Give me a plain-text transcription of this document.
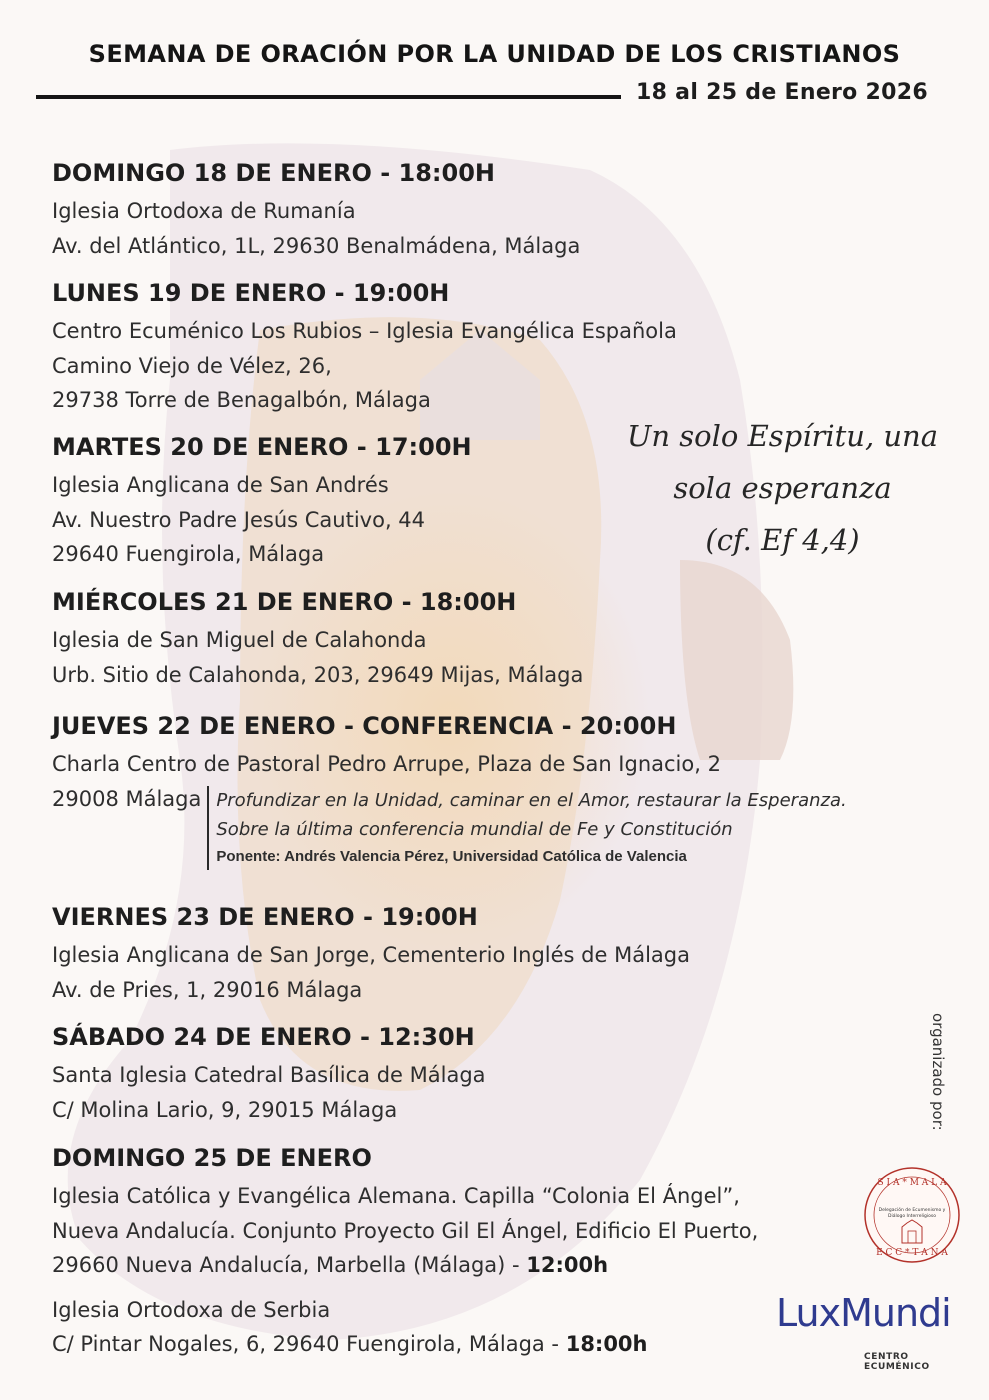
SEMANA DE ORACIÓN POR LA UNIDAD DE LOS CRISTIANOS
18 al 25 de Enero 2026
DOMINGO 18 DE ENERO - 18:00H
Iglesia Ortodoxa de Rumanía
Av. del Atlántico, 1L, 29630 Benalmádena, Málaga
LUNES 19 DE ENERO - 19:00H
Centro Ecuménico Los Rubios – Iglesia Evangélica Española
Camino Viejo de Vélez, 26,
29738 Torre de Benagalbón, Málaga
MARTES 20 DE ENERO - 17:00H
Iglesia Anglicana de San Andrés
Av. Nuestro Padre Jesús Cautivo, 44
29640 Fuengirola, Málaga
MIÉRCOLES 21 DE ENERO - 18:00H
Iglesia de San Miguel de Calahonda
Urb. Sitio de Calahonda, 203, 29649 Mijas, Málaga
JUEVES 22 DE ENERO - CONFERENCIA - 20:00H
Charla Centro de Pastoral Pedro Arrupe, Plaza de San Ignacio, 2
29008 Málaga Profundizar en la Unidad, caminar en el Amor, restaurar la Esperanza.
Sobre la última conferencia mundial de Fe y Constitución
Ponente: Andrés Valencia Pérez, Universidad Católica de Valencia
VIERNES 23 DE ENERO - 19:00H
Iglesia Anglicana de San Jorge, Cementerio Inglés de Málaga
Av. de Pries, 1, 29016 Málaga
SÁBADO 24 DE ENERO - 12:30H
Santa Iglesia Catedral Basílica de Málaga
C/ Molina Lario, 9, 29015 Málaga
DOMINGO 25 DE ENERO
Iglesia Católica y Evangélica Alemana. Capilla “Colonia El Ángel”,
Nueva Andalucía. Conjunto Proyecto Gil El Ángel, Edificio El Puerto,
29660 Nueva Andalucía, Marbella (Málaga) - 12:00h
Iglesia Ortodoxa de Serbia
C/ Pintar Nogales, 6, 29640 Fuengirola, Málaga - 18:00h
Un solo Espíritu, una
sola esperanza
(cf. Ef 4,4)
organizado por:
S I A * M A L A
E C C * T A N A
Delegación de Ecumenismo y
Diálogo Interreligioso
LuxMundi
CENTRO ECUMÉNICO
